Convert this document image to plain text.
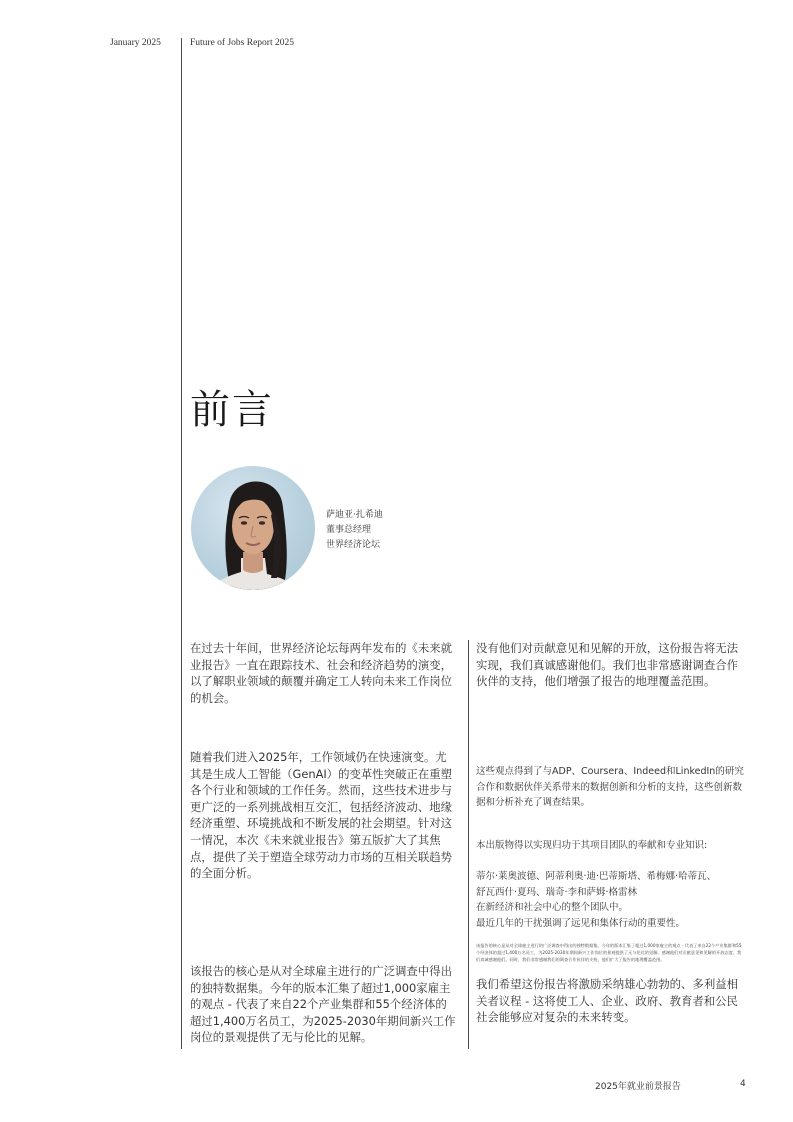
January 2025	Future of Jobs Report 2025
前言
萨迪亚·扎希迪
董事总经理
世界经济论坛
在过去十年间，世界经济论坛每两年发布的《未来就业报告》一直在跟踪技术、社会和经济趋势的演变，以了解职业领域的颠覆并确定工人转向未来工作岗位的机会。
随着我们进入2025年，工作领域仍在快速演变。尤其是生成人工智能（GenAI）的变革性突破正在重塑各个行业和领域的工作任务。然而，这些技术进步与更广泛的一系列挑战相互交汇，包括经济波动、地缘经济重塑、环境挑战和不断发展的社会期望。针对这一情况，本次《未来就业报告》第五版扩大了其焦点，提供了关于塑造全球劳动力市场的互相关联趋势的全面分析。
该报告的核心是从对全球雇主进行的广泛调查中得出的独特数据集。今年的版本汇集了超过1,000家雇主的观点 - 代表了来自22个产业集群和55个经济体的超过1,400万名员工，为2025-2030年期间新兴工作岗位的景观提供了无与伦比的见解。
没有他们对贡献意见和见解的开放，这份报告将无法实现，我们真诚感谢他们。我们也非常感谢调查合作伙伴的支持，他们增强了报告的地理覆盖范围。
这些观点得到了与ADP、Coursera、Indeed和LinkedIn的研究合作和数据伙伴关系带来的数据创新和分析的支持，这些创新数据和分析补充了调查结果。
本出版物得以实现归功于其项目团队的奉献和专业知识:
蒂尔·莱奥波德、阿蒂利奥·迪·巴蒂斯塔、希梅娜·哈蒂瓦、
舒瓦西什·夏玛、瑞奇·李和萨姆·格雷林
在新经济和社会中心的整个团队中。
最近几年的干扰强调了远见和集体行动的重要性。
该报告的核心是从对全球雇主进行的广泛调查中得出的独特数据集。今年的版本汇集了超过1,000家雇主的观点 - 代表了来自22个产业集群和55个经济体的超过1,400万名员工，为2025-2030年期间新兴工作岗位的景观提供了无与伦比的见解。感谢他们对贡献意见和见解的开放态度，我们真诚感谢他们。同时，我们非常感谢我们的调查合作伙伴的支持，他们扩大了报告的地理覆盖范围。
我们希望这份报告将激励采纳雄心勃勃的、多利益相关者议程 - 这将使工人、企业、政府、教育者和公民社会能够应对复杂的未来转变。
2025年就业前景报告	4
